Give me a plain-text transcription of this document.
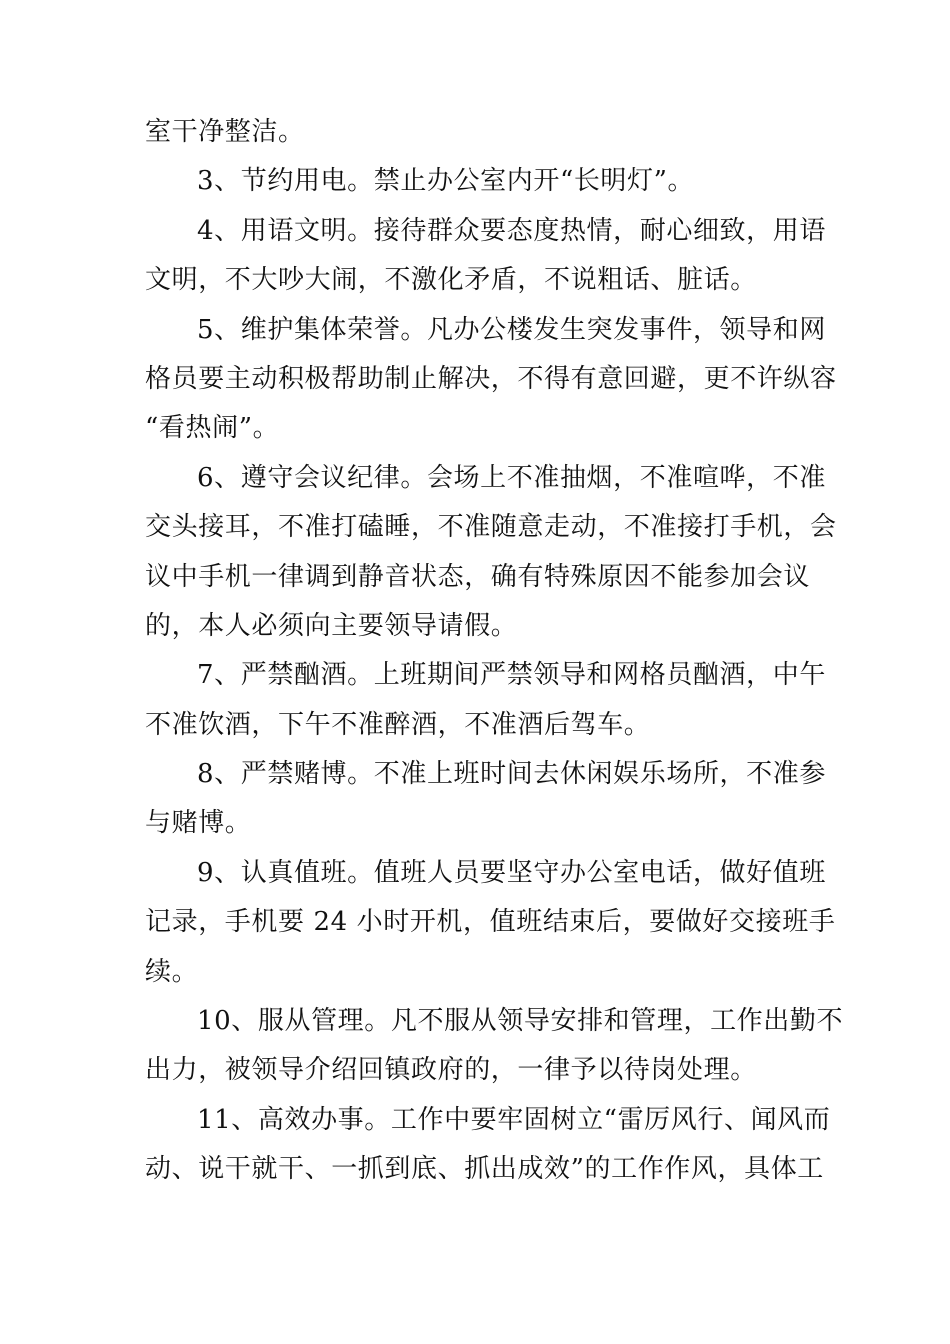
室干净整洁。
3、节约用电。禁止办公室内开“长明灯”。
4、用语文明。接待群众要态度热情，耐心细致，用语
文明，不大吵大闹，不激化矛盾，不说粗话、脏话。
5、维护集体荣誉。凡办公楼发生突发事件，领导和网
格员要主动积极帮助制止解决，不得有意回避，更不许纵容
“看热闹”。
6、遵守会议纪律。会场上不准抽烟，不准喧哗，不准
交头接耳，不准打磕睡，不准随意走动，不准接打手机，会
议中手机一律调到静音状态，确有特殊原因不能参加会议
的，本人必须向主要领导请假。
7、严禁酗酒。上班期间严禁领导和网格员酗酒，中午
不准饮酒，下午不准醉酒，不准酒后驾车。
8、严禁赌博。不准上班时间去休闲娱乐场所，不准参
与赌博。
9、认真值班。值班人员要坚守办公室电话，做好值班
记录，手机要 24 小时开机，值班结束后，要做好交接班手
续。
10、服从管理。凡不服从领导安排和管理，工作出勤不
出力，被领导介绍回镇政府的，一律予以待岗处理。
11、高效办事。工作中要牢固树立“雷厉风行、闻风而
动、说干就干、一抓到底、抓出成效”的工作作风，具体工
